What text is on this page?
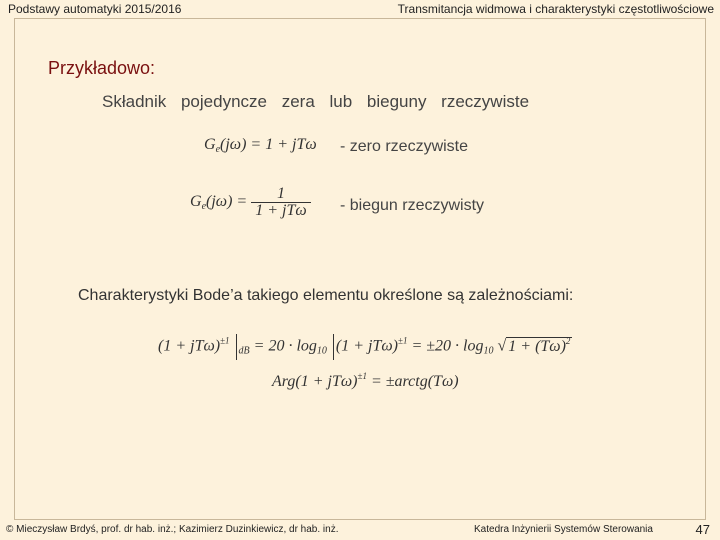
Podstawy automatyki 2015/2016	Transmitancja widmowa i charakterystyki częstotliwościowe
Przykładowo:
Składnik pojedyncze zera lub bieguny rzeczywiste
$G_e(j\omega) = 1 + jT\omega$ - zero rzeczywiste
$G_e(j\omega) = \frac{1}{\text{1 + jTω}}$ - biegun rzeczywisty
Charakterystyki Bode’a takiego elementu określone są zależnościami:
$(1 + jT\omega)^{\pm 1}$ $_{dB} = 20 \cdot \log_{10} (1 + jT\omega)^{\pm 1} = \pm 20 \cdot \log_{10}$ √ $1 + (T\omega)^2$
$Arg(1 + jT\omega)^{\pm 1}$ = ±arctg(Tω)
© Mieczysław Brdyś, prof. dr hab. inż.; Kazimierz Duzinkiewicz, dr hab. inż.	Katedra Inżynierii Systemów Sterowania	47
